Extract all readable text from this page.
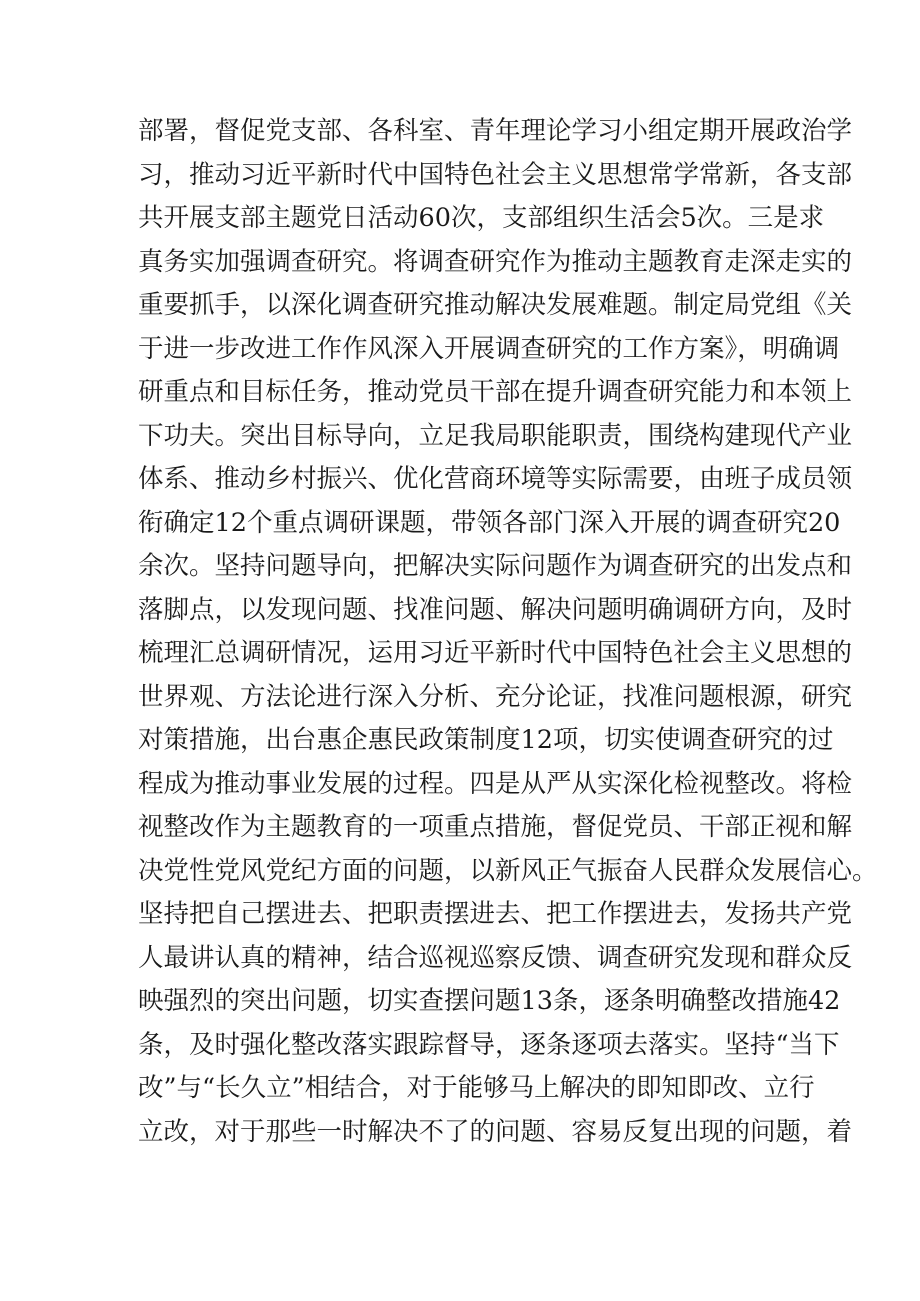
部署，督促党支部、各科室、青年理论学习小组定期开展政治学
习，推动习近平新时代中国特色社会主义思想常学常新，各支部
共开展支部主题党日活动60次，支部组织生活会5次。三是求
真务实加强调查研究。将调查研究作为推动主题教育走深走实的
重要抓手，以深化调查研究推动解决发展难题。制定局党组《关
于进一步改进工作作风深入开展调查研究的工作方案》，明确调
研重点和目标任务，推动党员干部在提升调查研究能力和本领上
下功夫。突出目标导向，立足我局职能职责，围绕构建现代产业
体系、推动乡村振兴、优化营商环境等实际需要，由班子成员领
衔确定12个重点调研课题，带领各部门深入开展的调查研究20
余次。坚持问题导向，把解决实际问题作为调查研究的出发点和
落脚点，以发现问题、找准问题、解决问题明确调研方向，及时
梳理汇总调研情况，运用习近平新时代中国特色社会主义思想的
世界观、方法论进行深入分析、充分论证，找准问题根源，研究
对策措施，出台惠企惠民政策制度12项，切实使调查研究的过
程成为推动事业发展的过程。四是从严从实深化检视整改。将检
视整改作为主题教育的一项重点措施，督促党员、干部正视和解
决党性党风党纪方面的问题，以新风正气振奋人民群众发展信心。
坚持把自己摆进去、把职责摆进去、把工作摆进去，发扬共产党
人最讲认真的精神，结合巡视巡察反馈、调查研究发现和群众反
映强烈的突出问题，切实查摆问题13条，逐条明确整改措施42
条，及时强化整改落实跟踪督导，逐条逐项去落实。坚持“当下
改”与“长久立”相结合，对于能够马上解决的即知即改、立行
立改，对于那些一时解决不了的问题、容易反复出现的问题，着
